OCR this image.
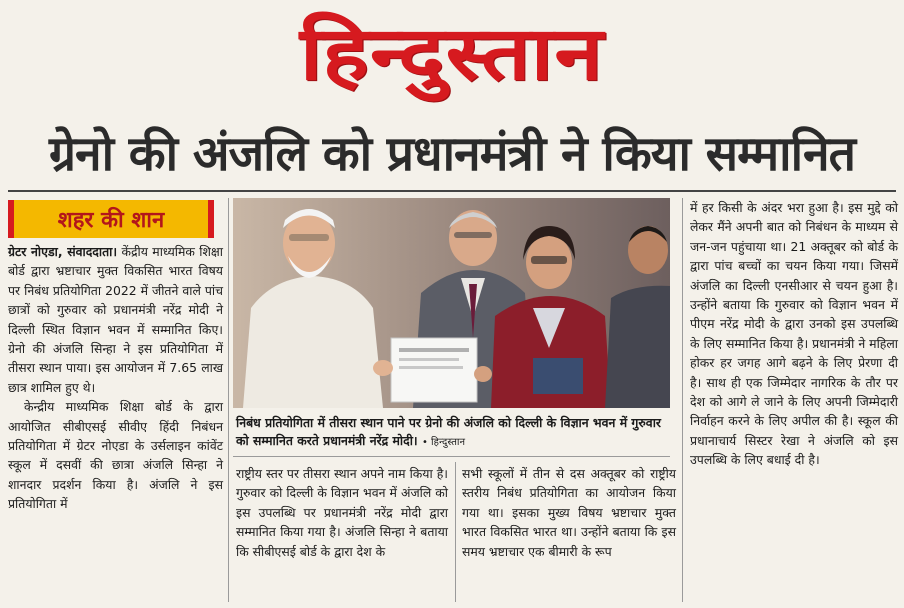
हिन्दुस्तान
ग्रेनो की अंजलि को प्रधानमंत्री ने किया सम्मानित
शहर की शान

ग्रेटर नोएडा, संवाददाता। केंद्रीय माध्यमिक शिक्षा बोर्ड द्वारा भ्रष्टाचार मुक्त विकसित भारत विषय पर निबंध प्रतियोगिता 2022 में जीतने वाले पांच छात्रों को गुरुवार को प्रधानमंत्री नरेंद्र मोदी ने दिल्ली स्थित विज्ञान भवन में सम्मानित किए। ग्रेनो की अंजलि सिन्हा ने इस प्रतियोगिता में तीसरा स्थान पाया। इस आयोजन में 7.65 लाख छात्र शामिल हुए थे।

केन्द्रीय माध्यमिक शिक्षा बोर्ड के द्वारा आयोजित सीबीएसई सीवीए हिंदी निबंधन प्रतियोगिता में ग्रेटर नोएडा के उर्सलाइन कांवेंट स्कूल में दसवीं की छात्रा अंजलि सिन्हा ने शानदार प्रदर्शन किया है। अंजलि ने इस प्रतियोगिता में

निबंध प्रतियोगिता में तीसरा स्थान पाने पर ग्रेनो की अंजलि को दिल्ली के विज्ञान भवन में गुरुवार को सम्मानित करते प्रधानमंत्री नरेंद्र मोदी। • हिन्दुस्तान

राष्ट्रीय स्तर पर तीसरा स्थान अपने नाम किया है। गुरुवार को दिल्ली के विज्ञान भवन में अंजलि को इस उपलब्धि पर प्रधानमंत्री नरेंद्र मोदी द्वारा सम्मानित किया गया है। अंजलि सिन्हा ने बताया कि सीबीएसई बोर्ड के द्वारा देश के

सभी स्कूलों में तीन से दस अक्तूबर को राष्ट्रीय स्तरीय निबंध प्रतियोगिता का आयोजन किया गया था। इसका मुख्य विषय भ्रष्टाचार मुक्त भारत विकसित भारत था। उन्होंने बताया कि इस समय भ्रष्टाचार एक बीमारी के रूप

में हर किसी के अंदर भरा हुआ है। इस मुद्दे को लेकर मैंने अपनी बात को निबंधन के माध्यम से जन-जन पहुंचाया था। 21 अक्तूबर को बोर्ड के द्वारा पांच बच्चों का चयन किया गया। जिसमें अंजलि का दिल्ली एनसीआर से चयन हुआ है। उन्होंने बताया कि गुरुवार को विज्ञान भवन में पीएम नरेंद्र मोदी के द्वारा उनको इस उपलब्धि के लिए सम्मानित किया है। प्रधानमंत्री ने महिला होकर हर जगह आगे बढ़ने के लिए प्रेरणा दी है। साथ ही एक जिम्मेदार नागरिक के तौर पर देश को आगे ले जाने के लिए अपनी जिम्मेदारी निर्वाहन करने के लिए अपील की है। स्कूल की प्रधानाचार्य सिस्टर रेखा ने अंजलि को इस उपलब्धि के लिए बधाई दी है।
